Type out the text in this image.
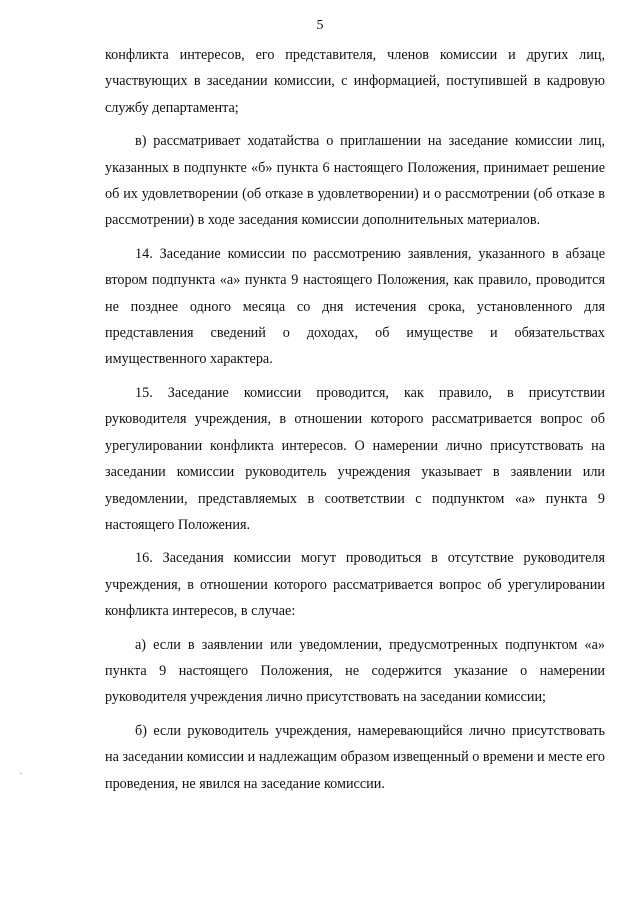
5

конфликта интересов, его представителя, членов комиссии и других лиц, участвующих в заседании комиссии, с информацией, поступившей в кадровую службу департамента;

в) рассматривает ходатайства о приглашении на заседание комиссии лиц, указанных в подпункте «б» пункта 6 настоящего Положения, принимает решение об их удовлетворении (об отказе в удовлетворении) и о рассмотрении (об отказе в рассмотрении) в ходе заседания комиссии дополнительных материалов.

14. Заседание комиссии по рассмотрению заявления, указанного в абзаце втором подпункта «а» пункта 9 настоящего Положения, как правило, проводится не позднее одного месяца со дня истечения срока, установленного для представления сведений о доходах, об имуществе и обязательствах имущественного характера.

15. Заседание комиссии проводится, как правило, в присутствии руководителя учреждения, в отношении которого рассматривается вопрос об урегулировании конфликта интересов. О намерении лично присутствовать на заседании комиссии руководитель учреждения указывает в заявлении или уведомлении, представляемых в соответствии с подпунктом «а» пункта 9 настоящего Положения.

16. Заседания комиссии могут проводиться в отсутствие руководителя учреждения, в отношении которого рассматривается вопрос об урегулировании конфликта интересов, в случае:

а) если в заявлении или уведомлении, предусмотренных подпунктом «а» пункта 9 настоящего Положения, не содержится указание о намерении руководителя учреждения лично присутствовать на заседании комиссии;

б) если руководитель учреждения, намеревающийся лично присутствовать на заседании комиссии и надлежащим образом извещенный о времени и месте его проведения, не явился на заседание комиссии.
